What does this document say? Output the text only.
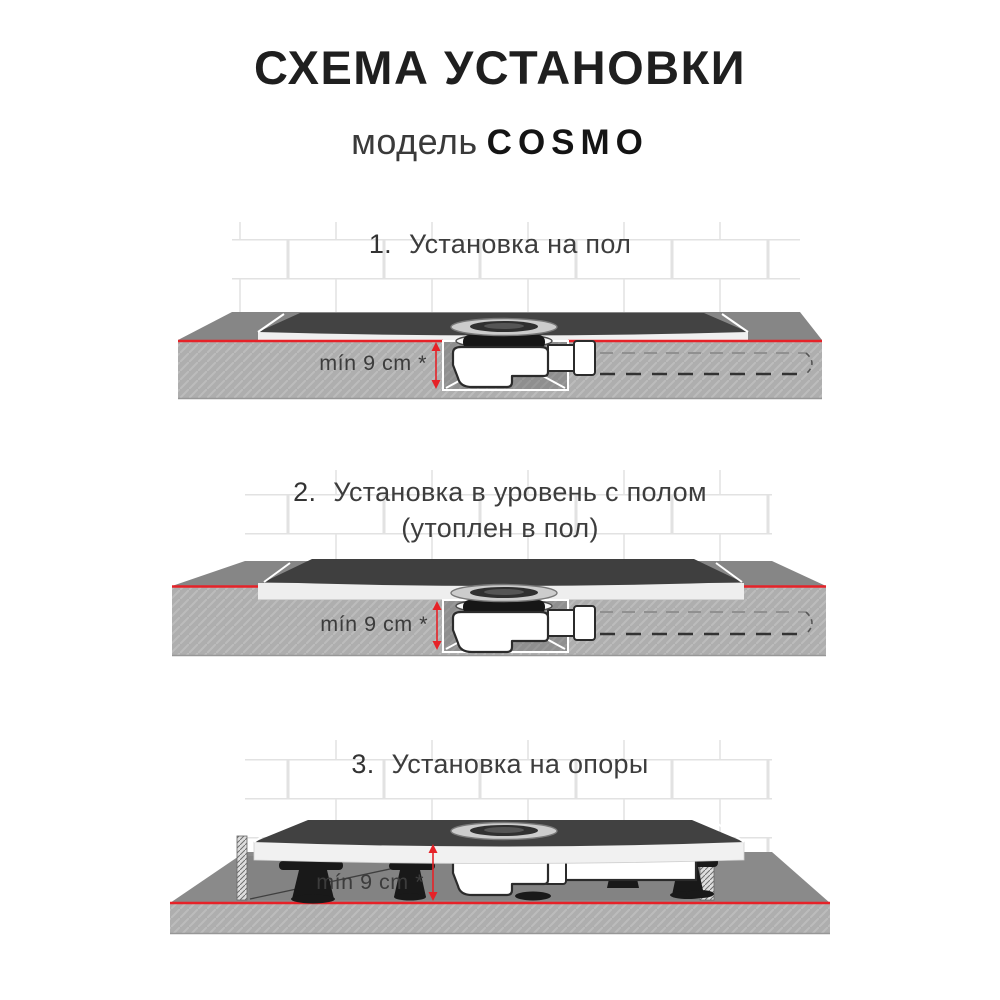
СХЕМА УСТАНОВКИ
модель COSMO
mín 9 cm *
1. Установка на пол
mín 9 cm *
2. Установка в уровень с полом
(утоплен в пол)
mín 9 cm *
3. Установка на опоры
